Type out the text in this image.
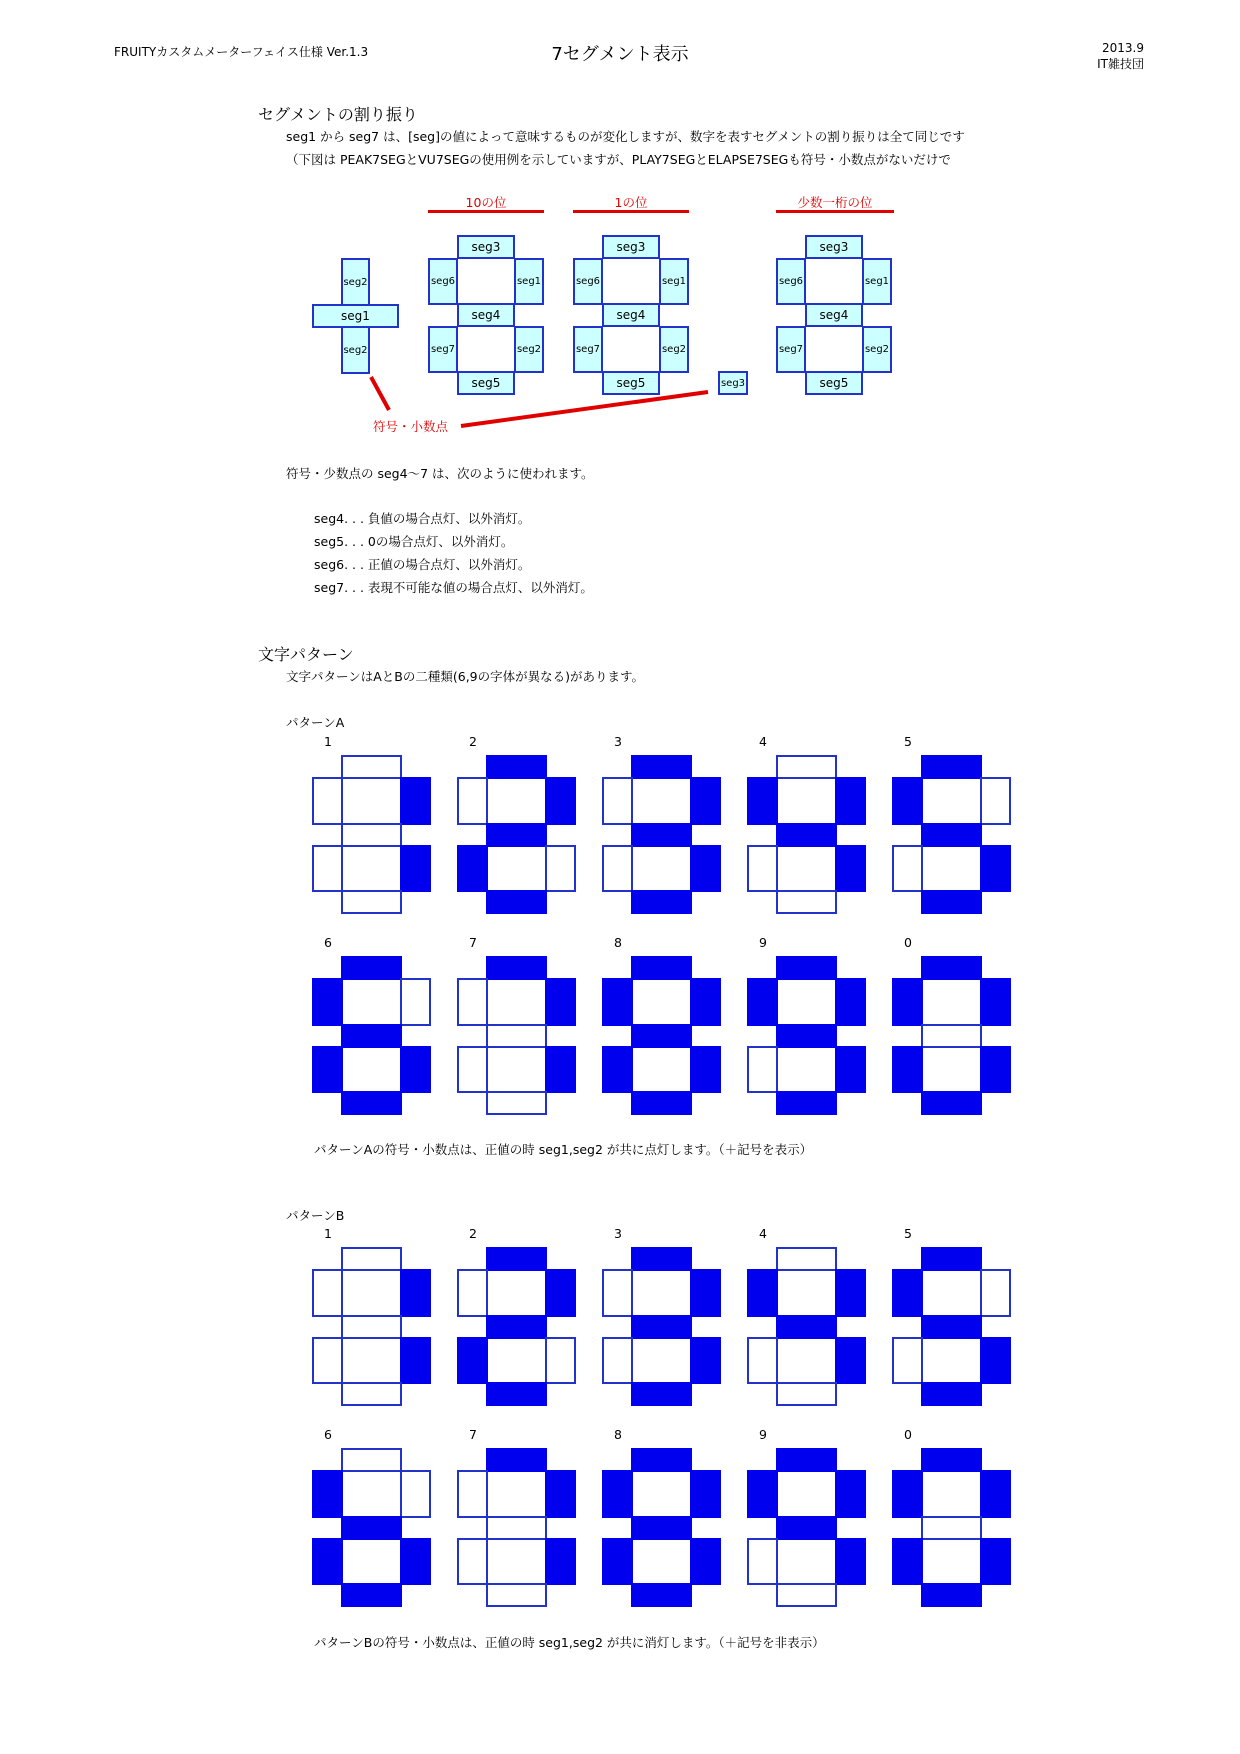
FRUITYカスタムメーターフェイス仕様 Ver.1.3	7セグメント表示	2013.9
IT雑技団
セグメントの割り振り
seg1 から seg7 は、[seg]の値によって意味するものが変化しますが、数字を表すセグメントの割り振りは全て同じです
（下図は PEAK7SEGとVU7SEGの使用例を示していますが、PLAY7SEGとELAPSE7SEGも符号・小数点がないだけで
10の位	1の位	少数一桁の位
seg2
seg1
seg2
seg3
seg6	seg1
seg4
seg7	seg2
seg5
seg3
seg6	seg1
seg4
seg7	seg2
seg5	seg3
seg3
seg6	seg1
seg4
seg7	seg2
seg5
符号・小数点
符号・少数点の seg4～7 は、次のように使われます。
seg4. . . 負値の場合点灯、以外消灯。
seg5. . . 0の場合点灯、以外消灯。
seg6. . . 正値の場合点灯、以外消灯。
seg7. . . 表現不可能な値の場合点灯、以外消灯。
文字パターン
文字パターンはAとBの二種類(6,9の字体が異なる)があります。
パターンA
1	2	3	4	5
6	7	8	9	0
パターンAの符号・小数点は、正値の時 seg1,seg2 が共に点灯します。（＋記号を表示）
パターンB
1	2	3	4	5
6	7	8	9	0
パターンBの符号・小数点は、正値の時 seg1,seg2 が共に消灯します。（＋記号を非表示）
